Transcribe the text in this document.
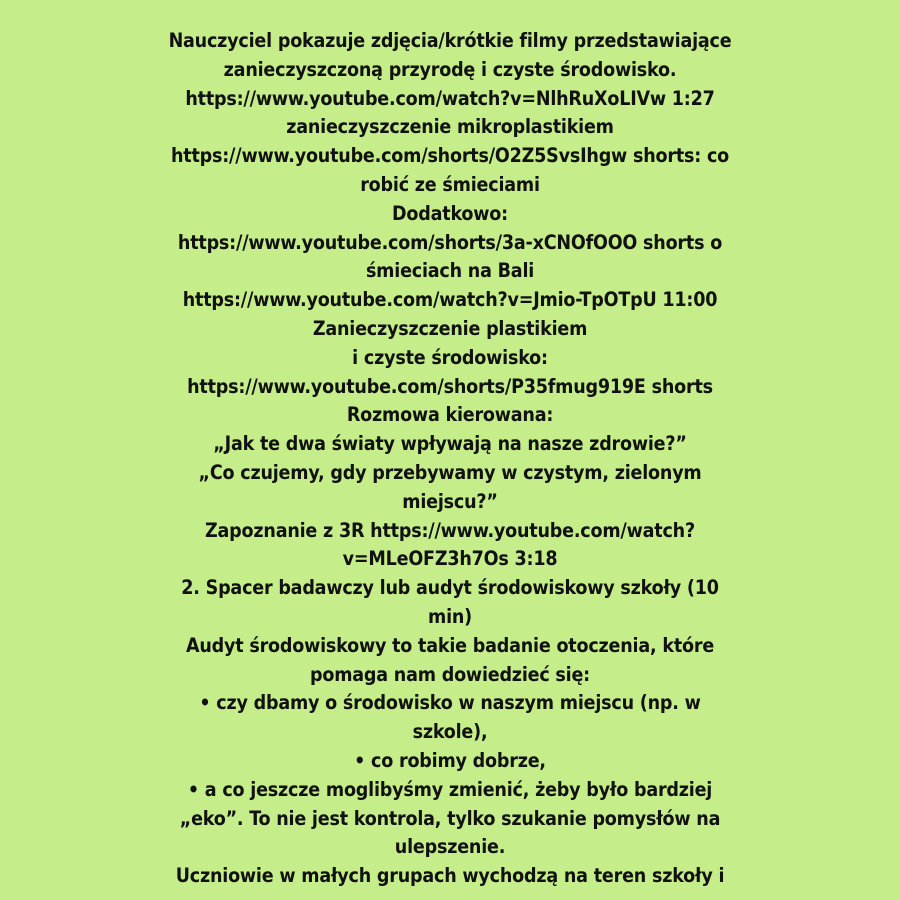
Nauczyciel pokazuje zdjęcia/krótkie filmy przedstawiające
zanieczyszczoną przyrodę i czyste środowisko.
https://www.youtube.com/watch?v=NlhRuXoLIVw 1:27
zanieczyszczenie mikroplastikiem
https://www.youtube.com/shorts/O2Z5SvsIhgw shorts: co
robić ze śmieciami
Dodatkowo:
https://www.youtube.com/shorts/3a-xCNOfOOO shorts o
śmieciach na Bali
https://www.youtube.com/watch?v=Jmio-TpOTpU 11:00
Zanieczyszczenie plastikiem
i czyste środowisko:
https://www.youtube.com/shorts/P35fmug919E shorts
Rozmowa kierowana:
„Jak te dwa światy wpływają na nasze zdrowie?”
„Co czujemy, gdy przebywamy w czystym, zielonym
miejscu?”
Zapoznanie z 3R https://www.youtube.com/watch?
v=MLeOFZ3h7Os 3:18
2. Spacer badawczy lub audyt środowiskowy szkoły (10
min)
Audyt środowiskowy to takie badanie otoczenia, które
pomaga nam dowiedzieć się:
• czy dbamy o środowisko w naszym miejscu (np. w
szkole),
• co robimy dobrze,
• a co jeszcze moglibyśmy zmienić, żeby było bardziej
„eko”. To nie jest kontrola, tylko szukanie pomysłów na
ulepszenie.
Uczniowie w małych grupach wychodzą na teren szkoły i
